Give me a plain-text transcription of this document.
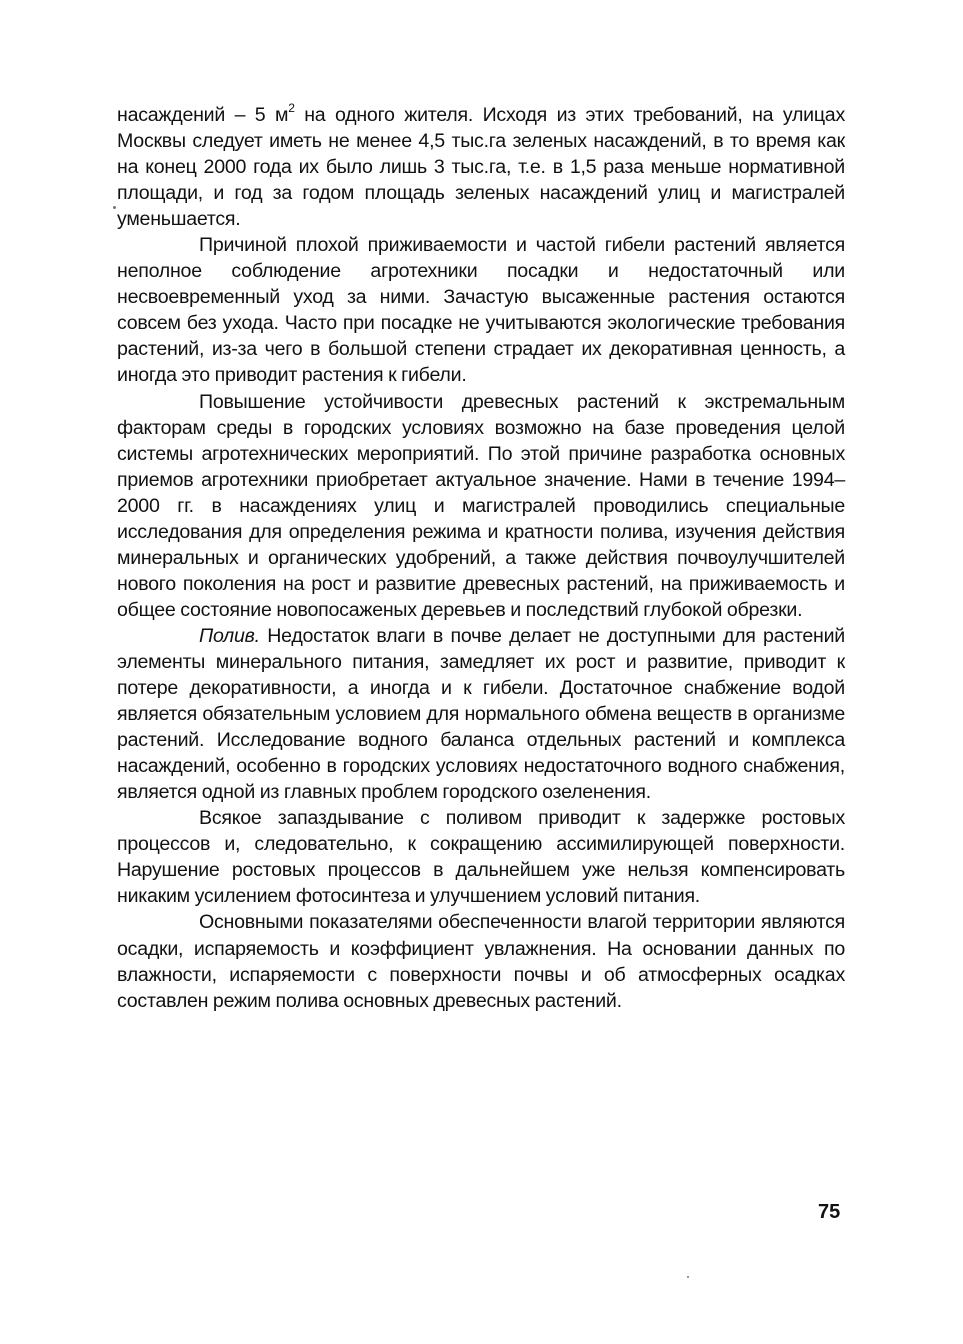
насаждений – 5 $м^2$ на одного жителя. Исходя из этих требований, на улицах Москвы следует иметь не менее 4,5 тыс.га зеленых насаждений, в то время как на конец 2000 года их было лишь 3 тыс.га, т.е. в 1,5 раза меньше нормативной площади, и год за годом площадь зеленых насаждений улиц и магистралей уменьшается.

Причиной плохой приживаемости и частой гибели растений является неполное соблюдение агротехники посадки и недостаточный или несвоевременный уход за ними. Зачастую высаженные растения остаются совсем без ухода. Часто при посадке не учитываются экологические требования растений, из-за чего в большой степени страдает их декоративная ценность, а иногда это приводит растения к гибели.

Повышение устойчивости древесных растений к экстремальным факторам среды в городских условиях возможно на базе проведения целой системы агротехнических мероприятий. По этой причине разработка основных приемов агротехники приобретает актуальное значение. Нами в течение 1994–2000 гг. в насаждениях улиц и магистралей проводились специальные исследования для определения режима и кратности полива, изучения действия минеральных и органических удобрений, а также действия почвоулучшителей нового поколения на рост и развитие древесных растений, на приживаемость и общее состояние новопосаженых деревьев и последствий глубокой обрезки.

Полив. Недостаток влаги в почве делает не доступными для растений элементы минерального питания, замедляет их рост и развитие, приводит к потере декоративности, а иногда и к гибели. Достаточное снабжение водой является обязательным условием для нормального обмена веществ в организме растений. Исследование водного баланса отдельных растений и комплекса насаждений, особенно в городских условиях недостаточного водного снабжения, является одной из главных проблем городского озеленения.

Всякое запаздывание с поливом приводит к задержке ростовых процессов и, следовательно, к сокращению ассимилирующей поверхности. Нарушение ростовых процессов в дальнейшем уже нельзя компенсировать никаким усилением фотосинтеза и улучшением условий питания.

Основными показателями обеспеченности влагой территории являются осадки, испаряемость и коэффициент увлажнения. На основании данных по влажности, испаряемости с поверхности почвы и об атмосферных осадках составлен режим полива основных древесных растений.

75
